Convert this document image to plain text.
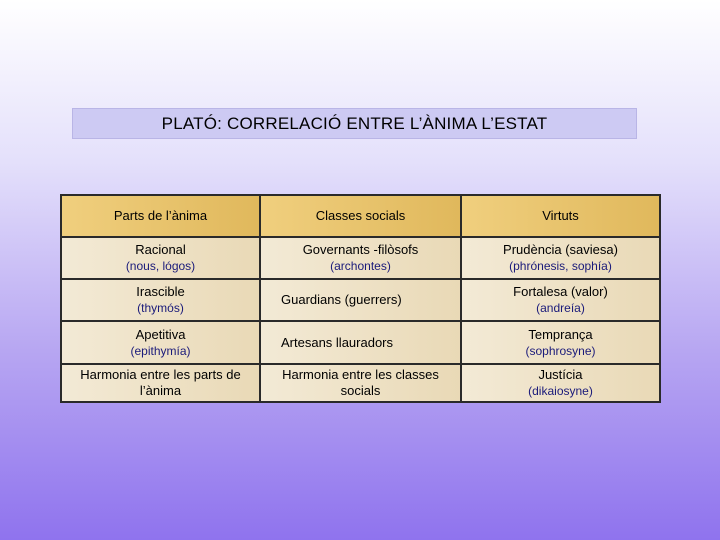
PLATÓ: CORRELACIÓ ENTRE L’ÀNIMA L’ESTAT
Parts de l’ànima	Classes socials	Virtuts
Racional
(nous, lógos)
Governants -filòsofs
(archontes)
Prudència (saviesa)
(phrónesis, sophía)
Irascible
(thymós)
Guardians (guerrers)
Fortalesa (valor)
(andreía)
Apetitiva
(epithymía)
Artesans llauradors
Temprança
(sophrosyne)
Harmonia entre les parts de l’ànima
Harmonia entre les classes socials
Justícia
(dikaiosyne)
